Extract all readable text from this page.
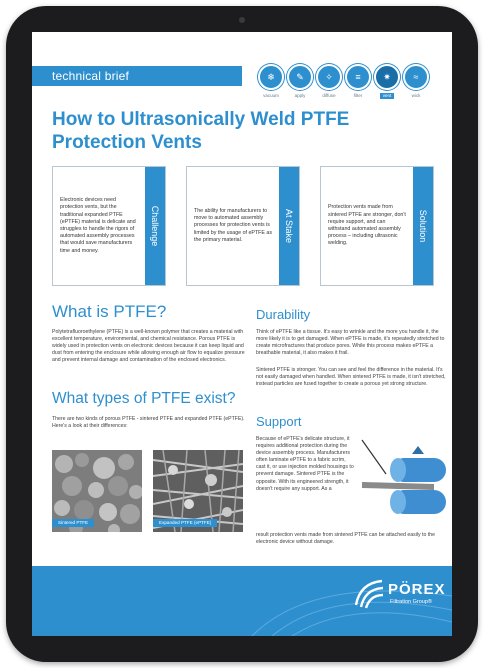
technical brief	❄
vacuum
✎
apply
✧
diffuse
≡
filter
✷
vent
≈
wick
How to Ultrasonically Weld PTFE Protection Vents
Electronic devices need protection vents, but the traditional expanded PTFE (ePTFE) material is delicate and struggles to handle the rigors of automated assembly processes that would save manufacturers time and money.
Challenge	The ability for manufacturers to move to automated assembly processes for protection vents is limited by the usage of ePTFE as the primary material.	At Stake
Protection vents made from sintered PTFE are stronger, don't require support, and can withstand automated assembly process – including ultrasonic welding.
Solution
What is PTFE?

Polytetrafluoroethylene (PTFE) is a well-known polymer that creates a material with excellent temperature, environmental, and chemical resistance. Porous PTFE is widely used in protection vents on electronic devices because it can keep liquid and dust from entering the enclosure while allowing enough air flow to equalize pressure and prevent internal damage and contamination of the enclosed electronics.

What types of PTFE exist?

There are two kinds of porous PTFE - sintered PTFE and expanded PTFE (ePTFE). Here's a look at their differences:

Sintered PTFE	Expanded PTFE (ePTFE)
Durability

Think of ePTFE like a tissue. It's easy to wrinkle and the more you handle it, the more likely it is to get damaged. When ePTFE is made, it's repeatedly stretched to create microfractures that produce pores. While this process makes ePTFE a breathable material, it also makes it frail.

Sintered PTFE is stronger. You can see and feel the difference in the material. It's not easily damaged when handled. When sintered PTFE is made, it isn't stretched, instead particles are fused together to create a porous yet strong structure.

Support

Because of ePTFE's delicate structure, it requires additional protection during the device assembly process. Manufacturers often laminate ePTFE to a fabric scrim, cast it, or use injection molded housings to prevent damage. Sintered PTFE is the opposite. With its engineered strength, it doesn't require any support. As a

result protection vents made from sintered PTFE can be attached easily to the electronic device without damage.

PÖREX
Filtration Group®
